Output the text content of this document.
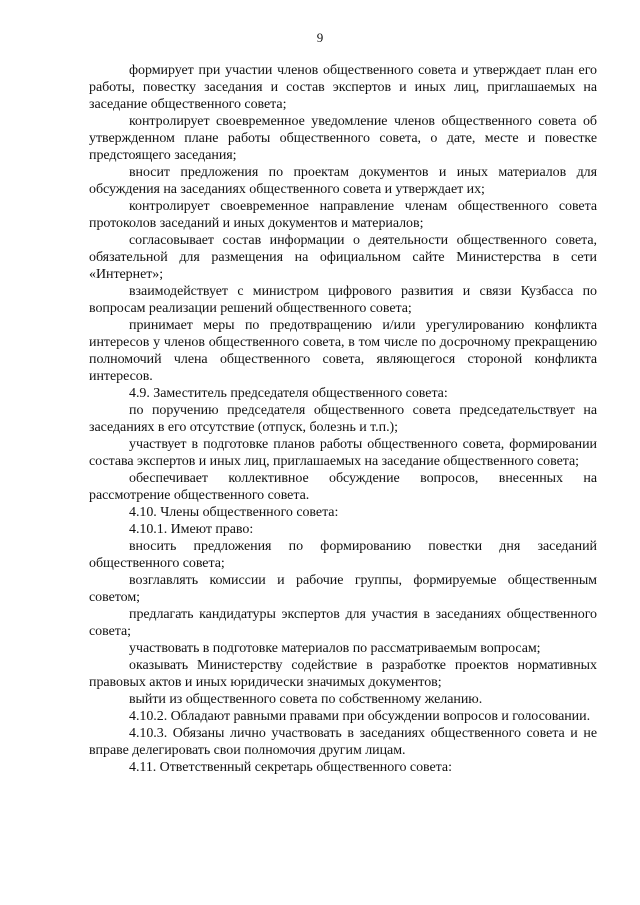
9

формирует при участии членов общественного совета и утверждает план его работы, повестку заседания и состав экспертов и иных лиц, приглашаемых на заседание общественного совета;

контролирует своевременное уведомление членов общественного совета об утвержденном плане работы общественного совета, о дате, месте и повестке предстоящего заседания;

вносит предложения по проектам документов и иных материалов для обсуждения на заседаниях общественного совета и утверждает их;

контролирует своевременное направление членам общественного совета протоколов заседаний и иных документов и материалов;

согласовывает состав информации о деятельности общественного совета, обязательной для размещения на официальном сайте Министерства в сети «Интернет»;

взаимодействует с министром цифрового развития и связи Кузбасса по вопросам реализации решений общественного совета;

принимает меры по предотвращению и/или урегулированию конфликта интересов у членов общественного совета, в том числе по досрочному прекращению полномочий члена общественного совета, являющегося стороной конфликта интересов.

4.9. Заместитель председателя общественного совета:

по поручению председателя общественного совета председательствует на заседаниях в его отсутствие (отпуск, болезнь и т.п.);

участвует в подготовке планов работы общественного совета, формировании состава экспертов и иных лиц, приглашаемых на заседание общественного совета;

обеспечивает коллективное обсуждение вопросов, внесенных на рассмотрение общественного совета.

4.10. Члены общественного совета:

4.10.1. Имеют право:

вносить предложения по формированию повестки дня заседаний общественного совета;

возглавлять комиссии и рабочие группы, формируемые общественным советом;

предлагать кандидатуры экспертов для участия в заседаниях общественного совета;

участвовать в подготовке материалов по рассматриваемым вопросам;

оказывать Министерству содействие в разработке проектов нормативных правовых актов и иных юридически значимых документов;

выйти из общественного совета по собственному желанию.

4.10.2. Обладают равными правами при обсуждении вопросов и голосовании.

4.10.3. Обязаны лично участвовать в заседаниях общественного совета и не вправе делегировать свои полномочия другим лицам.

4.11. Ответственный секретарь общественного совета:
